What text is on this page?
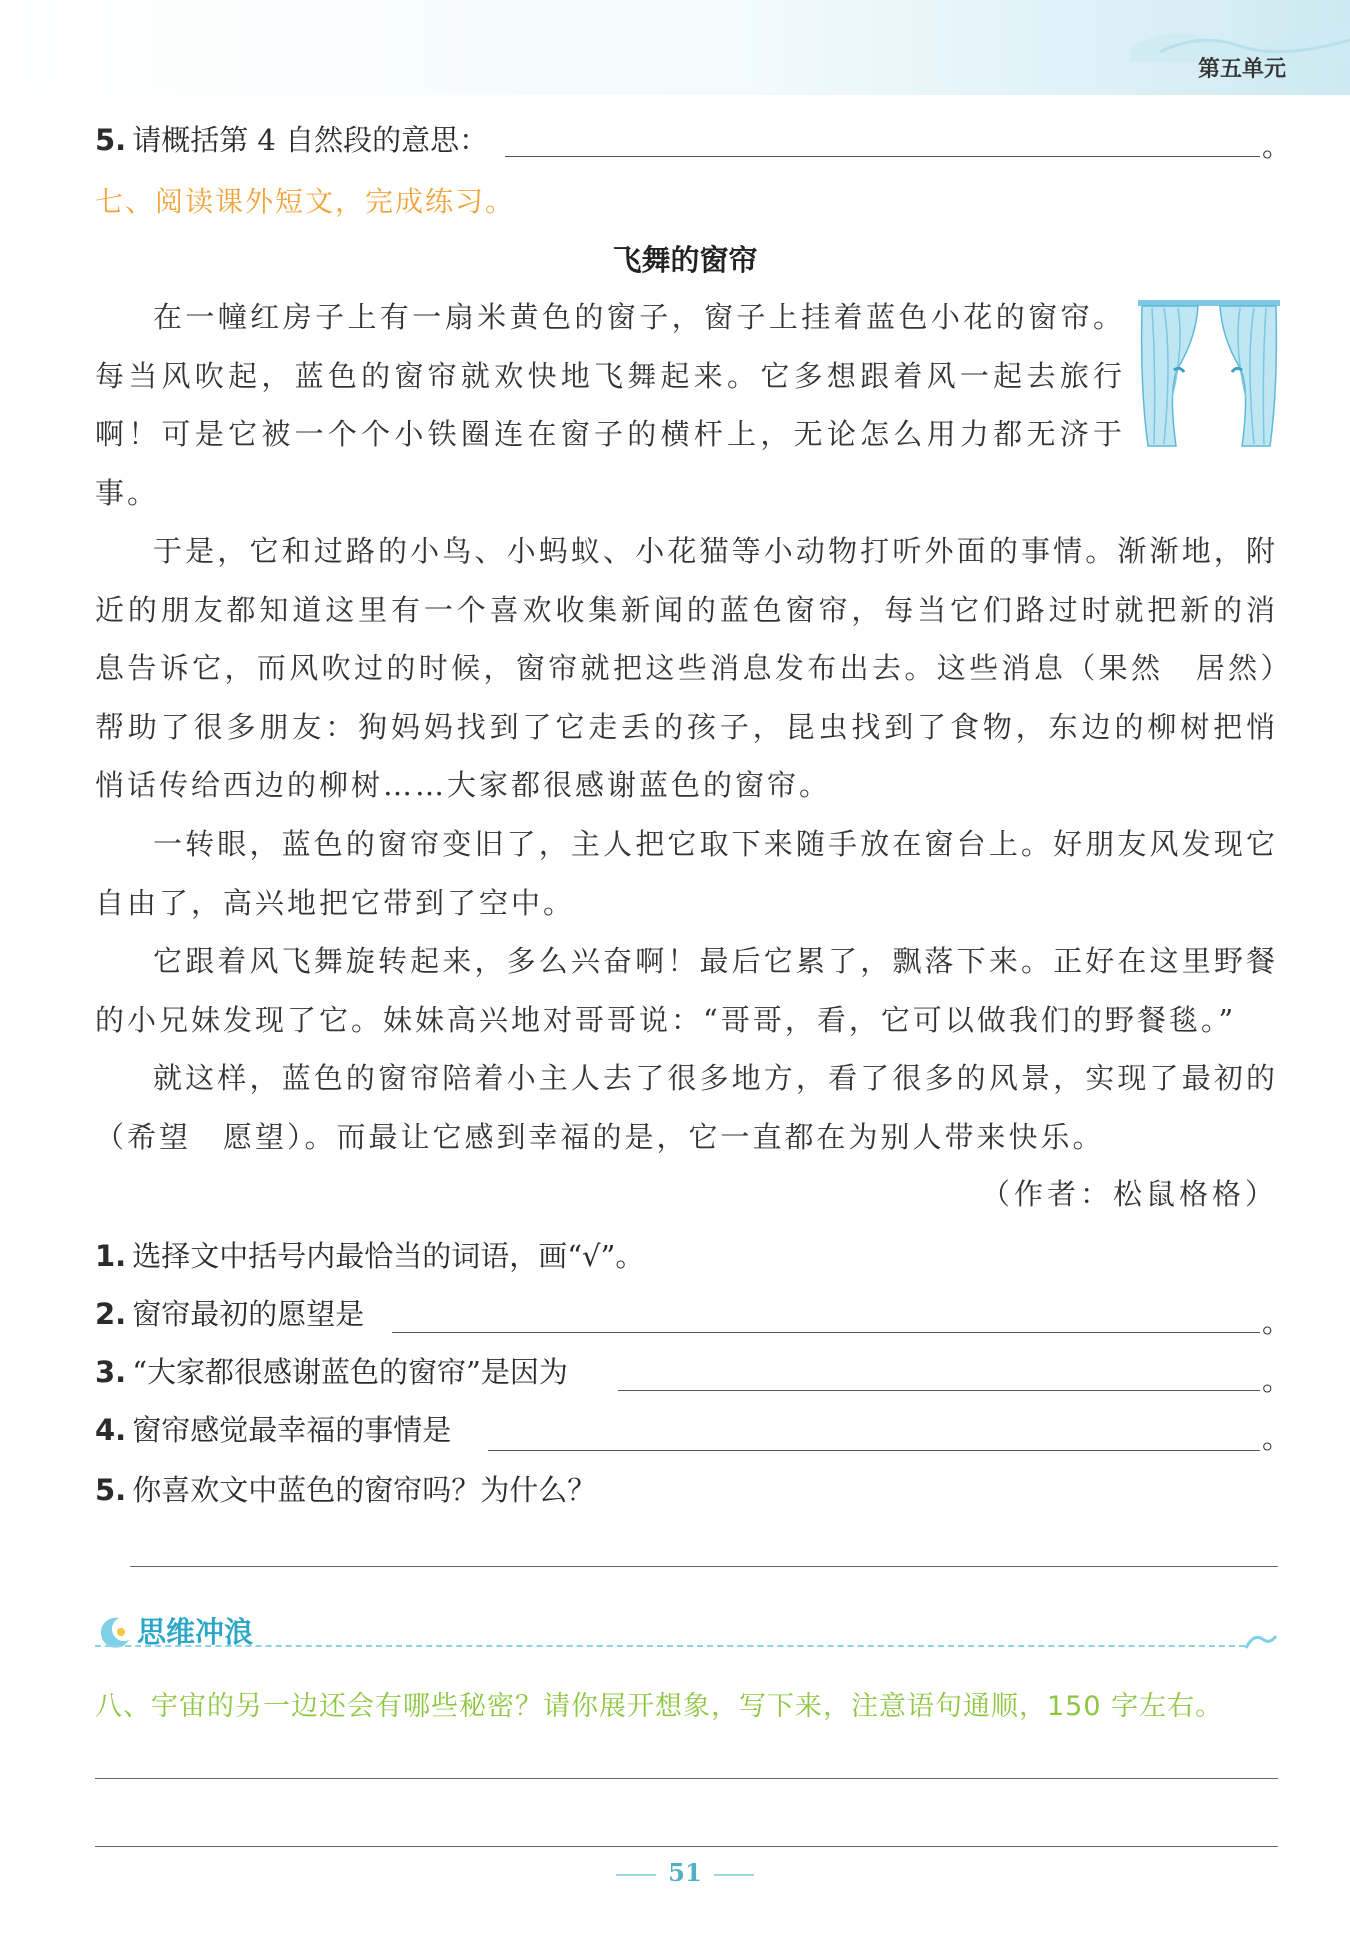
第五单元
5. 请概括第 4 自然段的意思：	。
七、阅读课外短文，完成练习。
飞舞的窗帘
在一幢红房子上有一扇米黄色的窗子，窗子上挂着蓝色小花的窗帘。每当风吹起，蓝色的窗帘就欢快地飞舞起来。它多想跟着风一起去旅行啊！可是它被一个个小铁圈连在窗子的横杆上，无论怎么用力都无济于事。
于是，它和过路的小鸟、小蚂蚁、小花猫等小动物打听外面的事情。渐渐地，附近的朋友都知道这里有一个喜欢收集新闻的蓝色窗帘，每当它们路过时就把新的消息告诉它，而风吹过的时候，窗帘就把这些消息发布出去。这些消息（果然　居然）帮助了很多朋友：狗妈妈找到了它走丢的孩子，昆虫找到了食物，东边的柳树把悄悄话传给西边的柳树……大家都很感谢蓝色的窗帘。
一转眼，蓝色的窗帘变旧了，主人把它取下来随手放在窗台上。好朋友风发现它自由了，高兴地把它带到了空中。
它跟着风飞舞旋转起来，多么兴奋啊！最后它累了，飘落下来。正好在这里野餐的小兄妹发现了它。妹妹高兴地对哥哥说：“哥哥，看，它可以做我们的野餐毯。”
就这样，蓝色的窗帘陪着小主人去了很多地方，看了很多的风景，实现了最初的（希望　愿望）。而最让它感到幸福的是，它一直都在为别人带来快乐。
（作者：松鼠格格）
1. 选择文中括号内最恰当的词语，画“√”。
2. 窗帘最初的愿望是	。
3. “大家都很感谢蓝色的窗帘”是因为	。
4. 窗帘感觉最幸福的事情是	。
5. 你喜欢文中蓝色的窗帘吗？为什么？
思维冲浪
八、宇宙的另一边还会有哪些秘密？请你展开想象，写下来，注意语句通顺，150 字左右。
51
